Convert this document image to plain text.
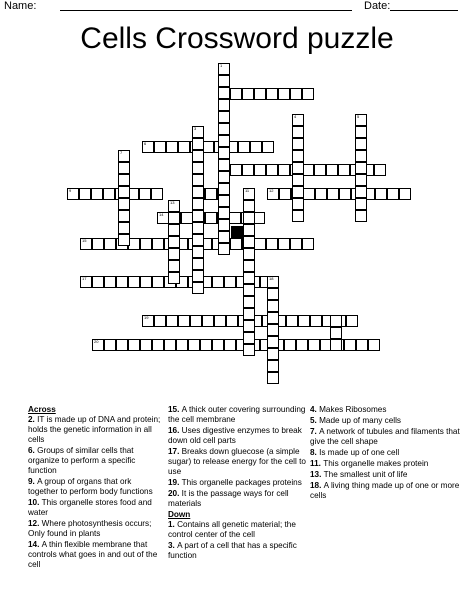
Name:	Date:
Cells Crossword puzzle
6
9	12
14
15
17
19
20
1
3
4	5
7
13
11
18
Across
2. IT is made up of DNA and protein; holds the genetic information in all cells
6. Groups of similar cells that organize to perform a specific function
9. A group of organs that ork together to perform body functions
10. This organelle stores food and water
12. Where photosynthesis occurs; Only found in plants
14. A thin flexible membrane that controls what goes in and out of the cell
15. A thick outer covering surrounding the cell membrane
16. Uses digestive enzymes to break down old cell parts
17. Breaks down gluecose (a simple sugar) to release energy for the cell to use
19. This organelle packages proteins
20. It is the passage ways for cell materials
Down
1. Contains all genetic material; the control center of the cell
3. A part of a cell that has a specific function
4. Makes Ribosomes
5. Made up of many cells
7. A network of tubules and filaments that give the cell shape
8. Is made up of one cell
11. This organelle makes protein
13. The smallest unit of life
18. A living thing made up of one or more cells
